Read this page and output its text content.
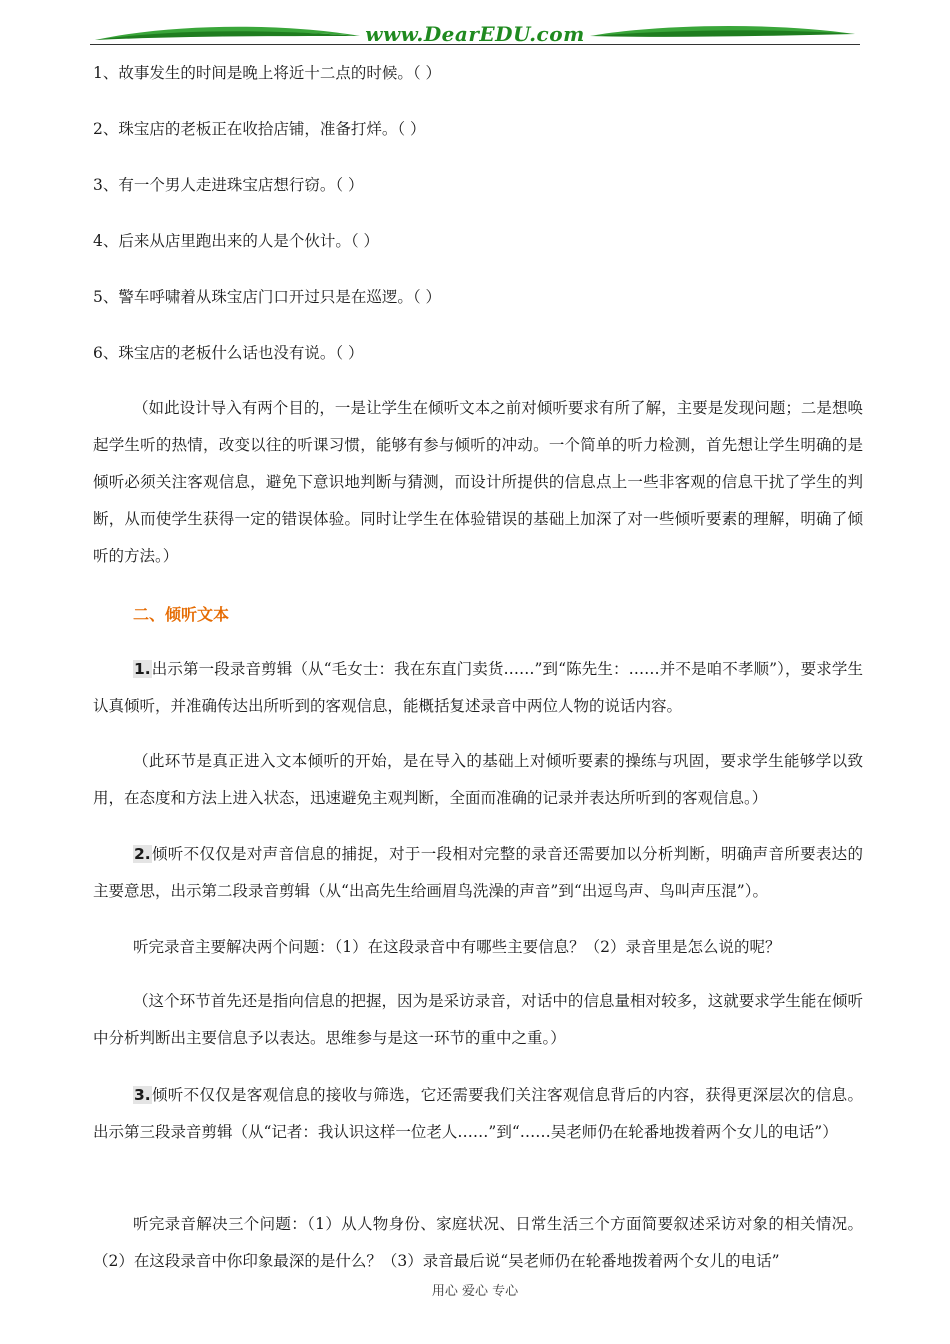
www.DearEDU.com

1、故事发生的时间是晚上将近十二点的时候。（ ）

2、珠宝店的老板正在收拾店铺，准备打烊。（ ）

3、有一个男人走进珠宝店想行窃。（ ）

4、后来从店里跑出来的人是个伙计。（ ）

5、警车呼啸着从珠宝店门口开过只是在巡逻。（ ）

6、珠宝店的老板什么话也没有说。（ ）

（如此设计导入有两个目的，一是让学生在倾听文本之前对倾听要求有所了解，主要是发现问题；二是想唤起学生听的热情，改变以往的听课习惯，能够有参与倾听的冲动。一个简单的听力检测，首先想让学生明确的是倾听必须关注客观信息，避免下意识地判断与猜测，而设计所提供的信息点上一些非客观的信息干扰了学生的判断，从而使学生获得一定的错误体验。同时让学生在体验错误的基础上加深了对一些倾听要素的理解，明确了倾听的方法。）

二、倾听文本

1.出示第一段录音剪辑（从“毛女士：我在东直门卖货……”到“陈先生：……并不是咱不孝顺”），要求学生认真倾听，并准确传达出所听到的客观信息，能概括复述录音中两位人物的说话内容。

（此环节是真正进入文本倾听的开始，是在导入的基础上对倾听要素的操练与巩固，要求学生能够学以致用，在态度和方法上进入状态，迅速避免主观判断，全面而准确的记录并表达所听到的客观信息。）

2.倾听不仅仅是对声音信息的捕捉，对于一段相对完整的录音还需要加以分析判断，明确声音所要表达的主要意思，出示第二段录音剪辑（从“出高先生给画眉鸟洗澡的声音”到“出逗鸟声、鸟叫声压混”）。

听完录音主要解决两个问题：（1）在这段录音中有哪些主要信息？（2）录音里是怎么说的呢？

（这个环节首先还是指向信息的把握，因为是采访录音，对话中的信息量相对较多，这就要求学生能在倾听中分析判断出主要信息予以表达。思维参与是这一环节的重中之重。）

3.倾听不仅仅是客观信息的接收与筛选，它还需要我们关注客观信息背后的内容，获得更深层次的信息。出示第三段录音剪辑（从“记者：我认识这样一位老人……”到“……吴老师仍在轮番地拨着两个女儿的电话”）

听完录音解决三个问题：（1）从人物身份、家庭状况、日常生活三个方面简要叙述采访对象的相关情况。（2）在这段录音中你印象最深的是什么？（3）录音最后说“吴老师仍在轮番地拨着两个女儿的电话”

用心 爱心 专心
